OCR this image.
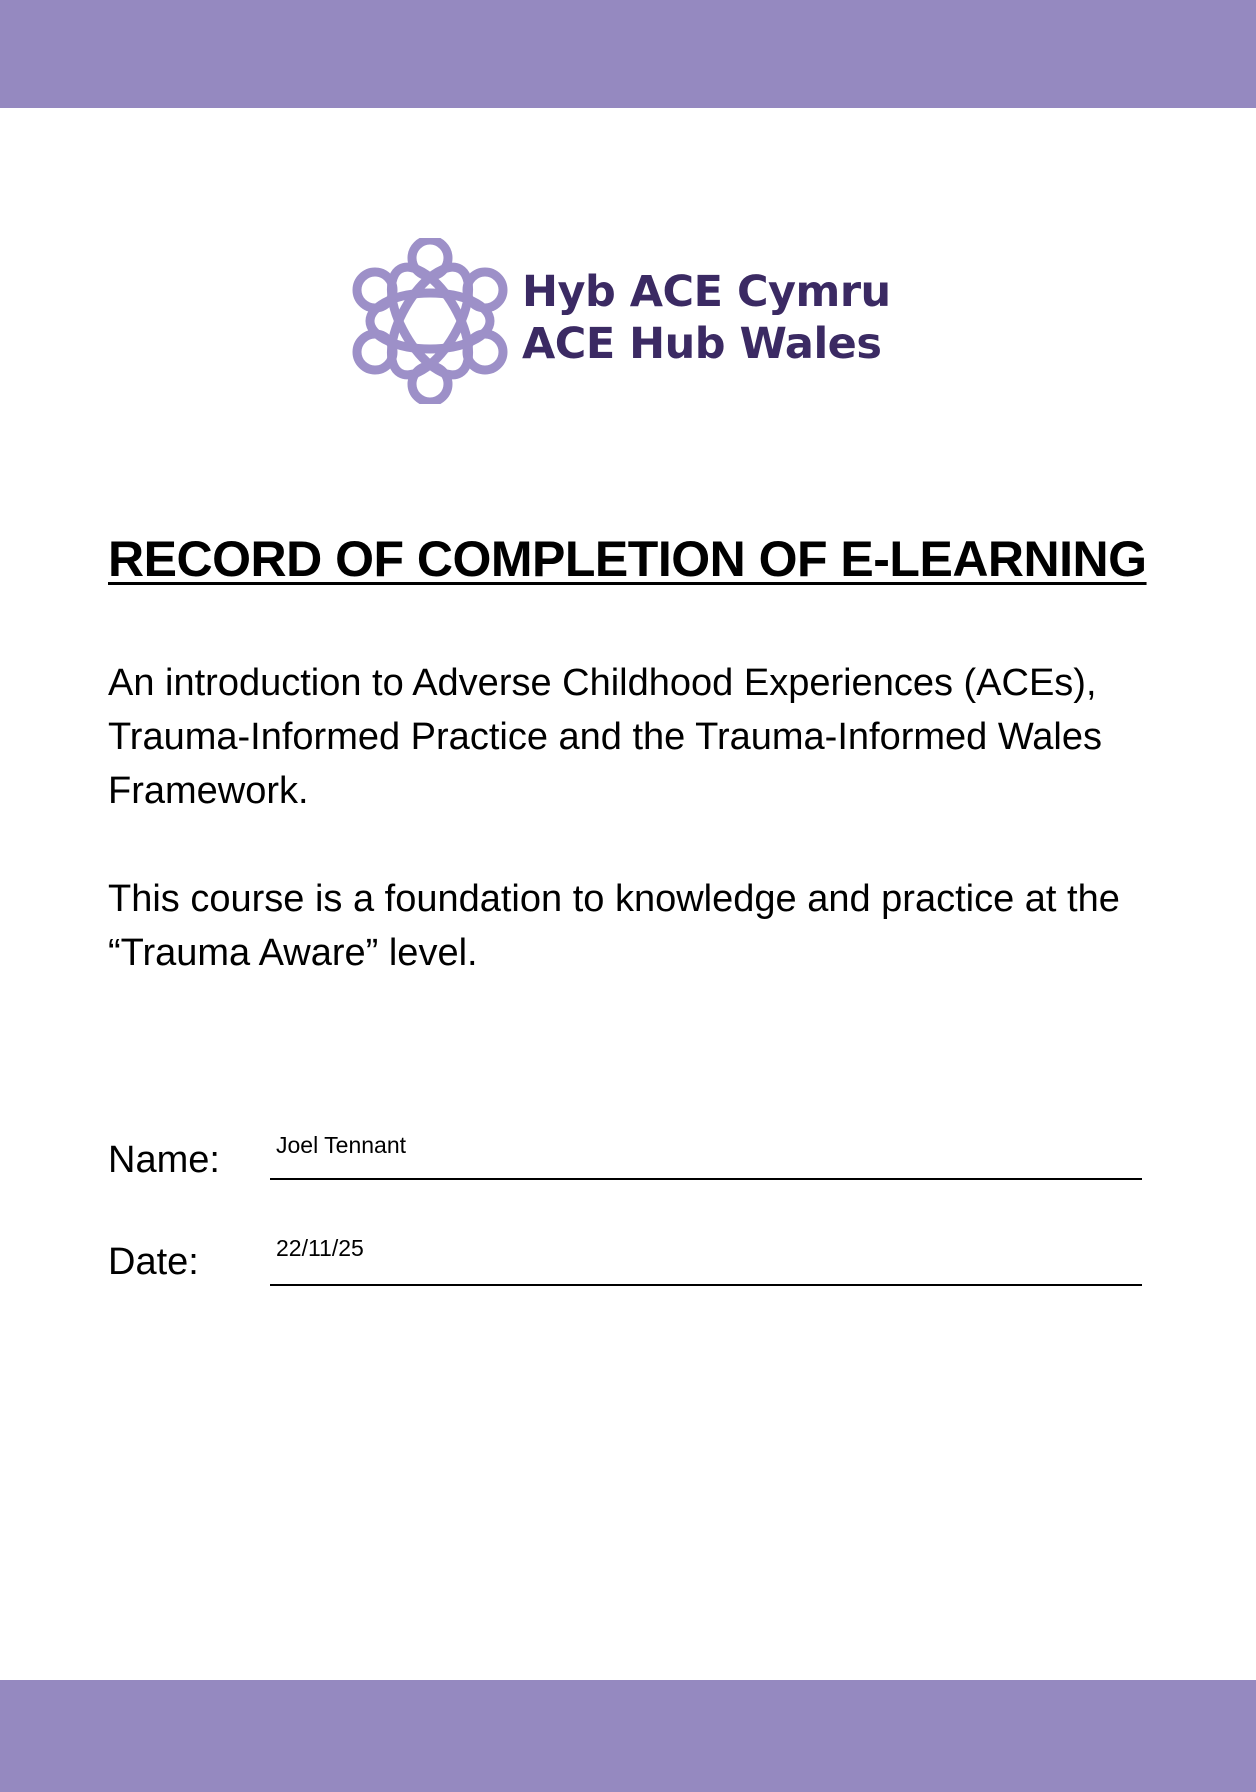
Hyb ACE Cymru
ACE Hub Wales
RECORD OF COMPLETION OF E-LEARNING
An introduction to Adverse Childhood Experiences (ACEs), Trauma-Informed Practice and the Trauma-Informed Wales Framework.
This course is a foundation to knowledge and practice at the “Trauma Aware” level.
Name: Joel Tennant
Date:	22/11/25
